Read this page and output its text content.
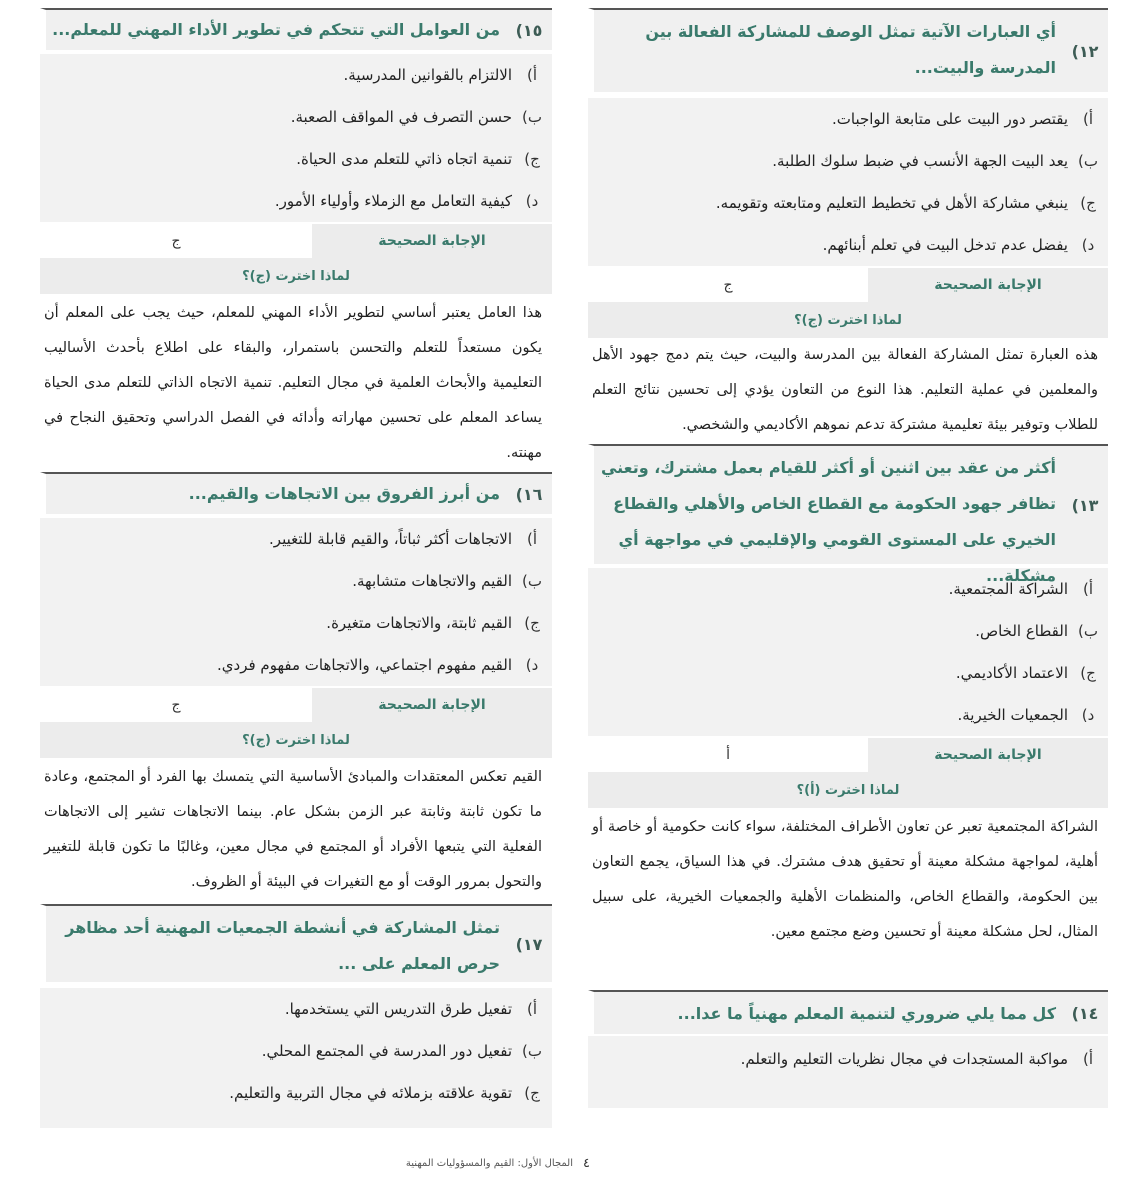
١٢)
أي العبارات الآتية تمثل الوصف للمشاركة الفعالة بين المدرسة والبيت...
أ)
يقتصر دور البيت على متابعة الواجبات.
ب)
يعد البيت الجهة الأنسب في ضبط سلوك الطلبة.
ج)
ينبغي مشاركة الأهل في تخطيط التعليم ومتابعته وتقويمه.
د)
يفضل عدم تدخل البيت في تعلم أبنائهم.
الإجابة الصحيحة
ج
لماذا اخترت (ج)؟
هذه العبارة تمثل المشاركة الفعالة بين المدرسة والبيت، حيث يتم دمج جهود الأهل والمعلمين في عملية التعليم. هذا النوع من التعاون يؤدي إلى تحسين نتائج التعلم للطلاب وتوفير بيئة تعليمية مشتركة تدعم نموهم الأكاديمي والشخصي.
١٣)
أكثر من عقد بين اثنين أو أكثر للقيام بعمل مشترك، وتعني تظافر جهود الحكومة مع القطاع الخاص والأهلي والقطاع الخيري على المستوى القومي والإقليمي في مواجهة أي مشكلة...
أ)
الشراكة المجتمعية.
ب)
القطاع الخاص.
ج)
الاعتماد الأكاديمي.
د)
الجمعيات الخيرية.
الإجابة الصحيحة
أ
لماذا اخترت (أ)؟
الشراكة المجتمعية تعبر عن تعاون الأطراف المختلفة، سواء كانت حكومية أو خاصة أو أهلية، لمواجهة مشكلة معينة أو تحقيق هدف مشترك. في هذا السياق، يجمع التعاون بين الحكومة، والقطاع الخاص، والمنظمات الأهلية والجمعيات الخيرية، على سبيل المثال، لحل مشكلة معينة أو تحسين وضع مجتمع معين.
١٤)
كل مما يلي ضروري لتنمية المعلم مهنياً ما عدا...
أ)
مواكبة المستجدات في مجال نظريات التعليم والتعلم.
١٥)
من العوامل التي تتحكم في تطوير الأداء المهني للمعلم...
أ)
الالتزام بالقوانين المدرسية.
ب)
حسن التصرف في المواقف الصعبة.
ج)
تنمية اتجاه ذاتي للتعلم مدى الحياة.
د)
كيفية التعامل مع الزملاء وأولياء الأمور.
الإجابة الصحيحة
ج
لماذا اخترت (ج)؟
هذا العامل يعتبر أساسي لتطوير الأداء المهني للمعلم، حيث يجب على المعلم أن يكون مستعداً للتعلم والتحسن باستمرار، والبقاء على اطلاع بأحدث الأساليب التعليمية والأبحاث العلمية في مجال التعليم. تنمية الاتجاه الذاتي للتعلم مدى الحياة يساعد المعلم على تحسين مهاراته وأدائه في الفصل الدراسي وتحقيق النجاح في مهنته.
١٦)
من أبرز الفروق بين الاتجاهات والقيم...
أ)
الاتجاهات أكثر ثباتاً، والقيم قابلة للتغيير.
ب)
القيم والاتجاهات متشابهة.
ج)
القيم ثابتة، والاتجاهات متغيرة.
د)
القيم مفهوم اجتماعي، والاتجاهات مفهوم فردي.
الإجابة الصحيحة
ج
لماذا اخترت (ج)؟
القيم تعكس المعتقدات والمبادئ الأساسية التي يتمسك بها الفرد أو المجتمع، وعادة ما تكون ثابتة وثابتة عبر الزمن بشكل عام. بينما الاتجاهات تشير إلى الاتجاهات الفعلية التي يتبعها الأفراد أو المجتمع في مجال معين، وغالبًا ما تكون قابلة للتغيير والتحول بمرور الوقت أو مع التغيرات في البيئة أو الظروف.
١٧)
تمثل المشاركة في أنشطة الجمعيات المهنية أحد مظاهر حرص المعلم على ...
أ)
تفعيل طرق التدريس التي يستخدمها.
ب)
تفعيل دور المدرسة في المجتمع المحلي.
ج)
تقوية علاقته بزملائه في مجال التربية والتعليم.
٤
المجال الأول: القيم والمسؤوليات المهنية
